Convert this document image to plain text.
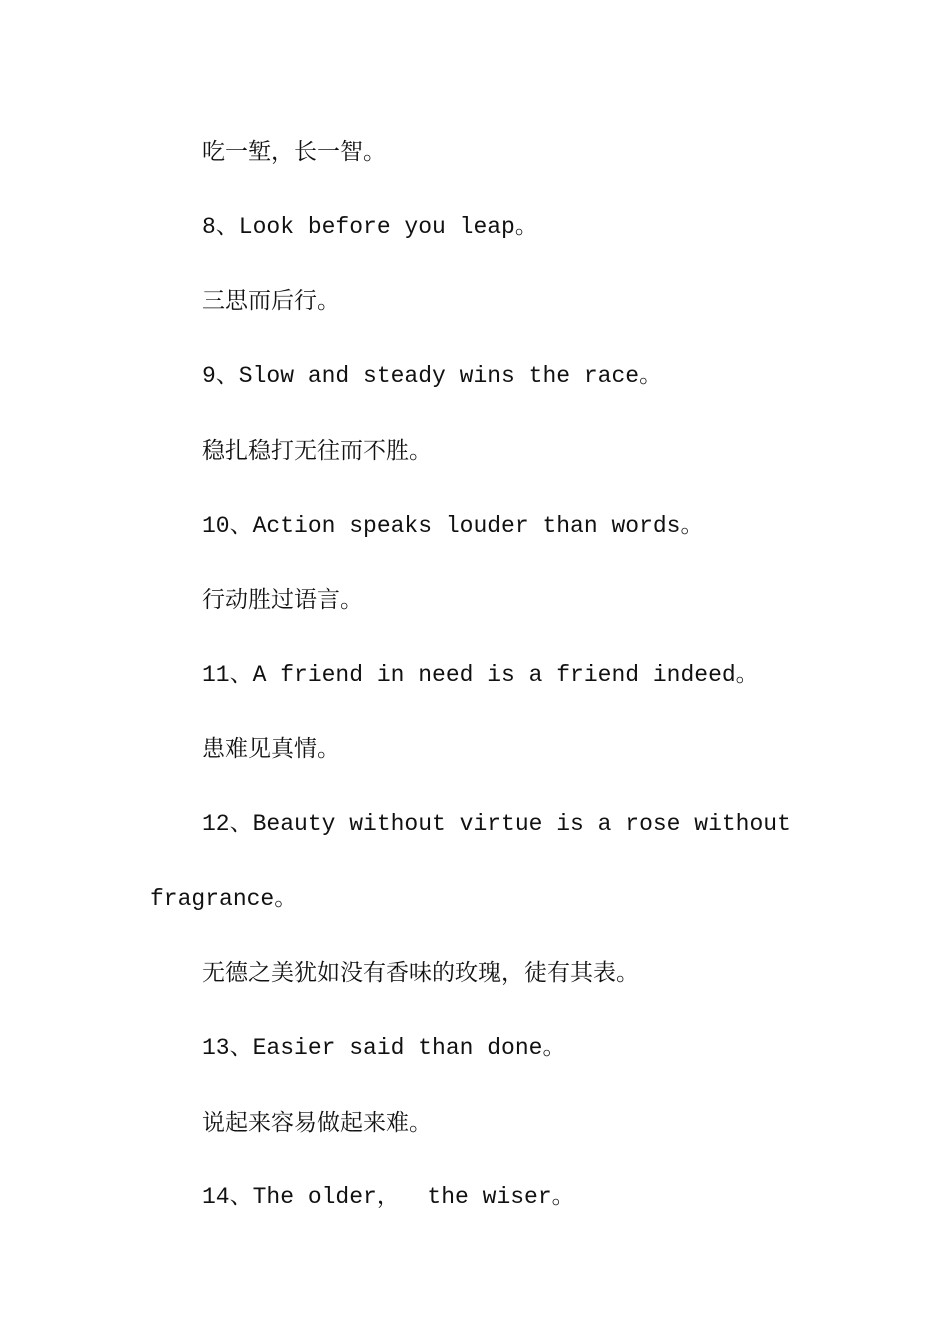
吃一堑，长一智。
8、Look before you leap。
三思而后行。
9、Slow and steady wins the race。
稳扎稳打无往而不胜。
10、Action speaks louder than words。
行动胜过语言。
11、A friend in need is a friend indeed。
患难见真情。
12、Beauty without virtue is a rose without
fragrance。
无德之美犹如没有香味的玫瑰，徒有其表。
13、Easier said than done。
说起来容易做起来难。
14、The older，  the wiser。
